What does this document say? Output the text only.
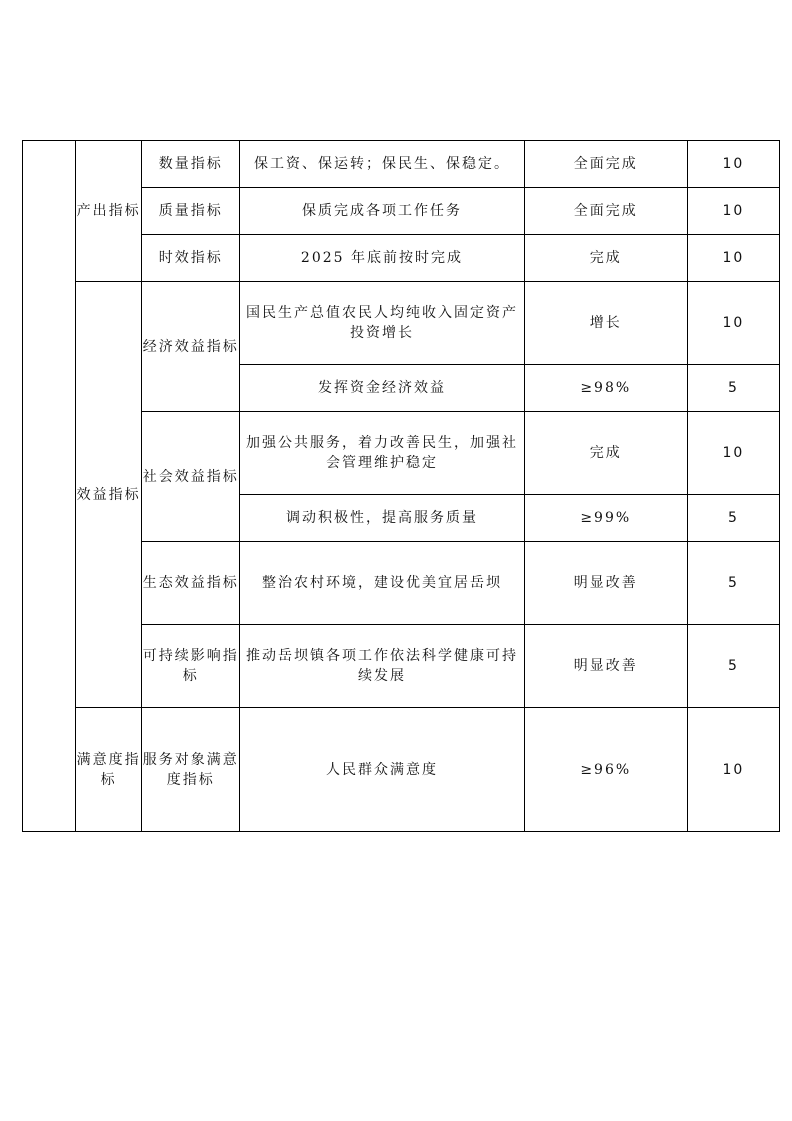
	产出指标	数量指标	保工资、保运转；保民生、保稳定。	全面完成	10
		质量指标	保质完成各项工作任务	全面完成	10
		时效指标	2025 年底前按时完成	完成	10
	效益指标	经济效益指标	国民生产总值农民人均纯收入固定资产投资增长	增长	10
			发挥资金经济效益	≥98%	5
		社会效益指标	加强公共服务，着力改善民生，加强社会管理维护稳定	完成	10
			调动积极性，提高服务质量	≥99%	5
		生态效益指标	整治农村环境，建设优美宜居岳坝	明显改善	5
		可持续影响指标	推动岳坝镇各项工作依法科学健康可持续发展	明显改善	5
	满意度指标	服务对象满意度指标	人民群众满意度	≥96%	10
